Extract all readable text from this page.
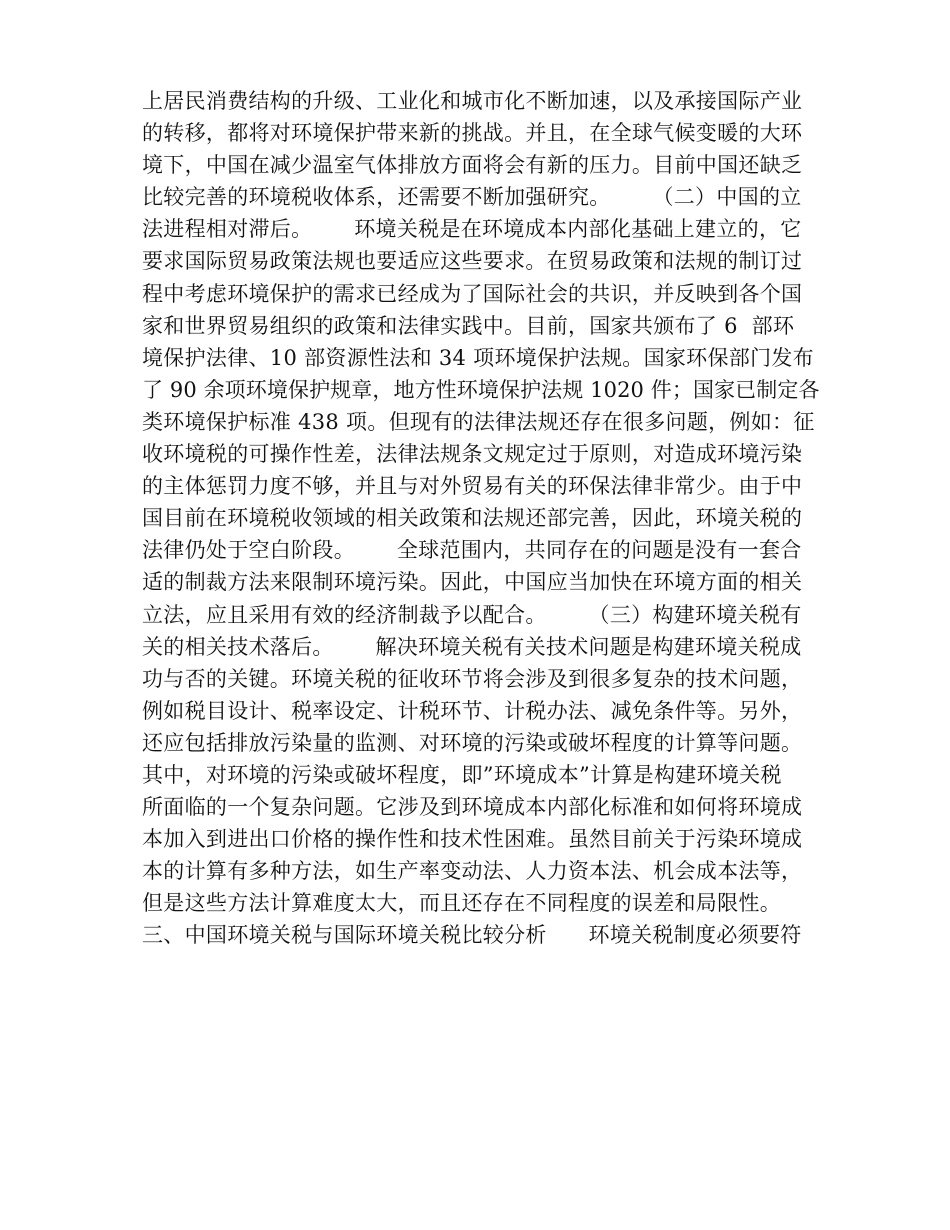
上居民消费结构的升级、工业化和城市化不断加速，以及承接国际产业
的转移，都将对环境保护带来新的挑战。并且，在全球气候变暖的大环
境下，中国在减少温室气体排放方面将会有新的压力。目前中国还缺乏
比较完善的环境税收体系，还需要不断加强研究。      （二）中国的立
法进程相对滞后。      环境关税是在环境成本内部化基础上建立的，它
要求国际贸易政策法规也要适应这些要求。在贸易政策和法规的制订过
程中考虑环境保护的需求已经成为了国际社会的共识，并反映到各个国
家和世界贸易组织的政策和法律实践中。目前，国家共颁布了 6  部环
境保护法律、10 部资源性法和 34 项环境保护法规。国家环保部门发布
了 90 余项环境保护规章，地方性环境保护法规 1020 件；国家已制定各
类环境保护标准 438 项。但现有的法律法规还存在很多问题，例如：征
收环境税的可操作性差，法律法规条文规定过于原则，对造成环境污染
的主体惩罚力度不够，并且与对外贸易有关的环保法律非常少。由于中
国目前在环境税收领域的相关政策和法规还部完善，因此，环境关税的
法律仍处于空白阶段。      全球范围内，共同存在的问题是没有一套合
适的制裁方法来限制环境污染。因此，中国应当加快在环境方面的相关
立法，应且采用有效的经济制裁予以配合。      （三）构建环境关税有
关的相关技术落后。      解决环境关税有关技术问题是构建环境关税成
功与否的关键。环境关税的征收环节将会涉及到很多复杂的技术问题，
例如税目设计、税率设定、计税环节、计税办法、减免条件等。另外，
还应包括排放污染量的监测、对环境的污染或破坏程度的计算等问题。
其中，对环境的污染或破坏程度，即”环境成本”计算是构建环境关税
所面临的一个复杂问题。它涉及到环境成本内部化标准和如何将环境成
本加入到进出口价格的操作性和技术性困难。虽然目前关于污染环境成
本的计算有多种方法，如生产率变动法、人力资本法、机会成本法等，
但是这些方法计算难度太大，而且还存在不同程度的误差和局限性。
三、中国环境关税与国际环境关税比较分析      环境关税制度必须要符
